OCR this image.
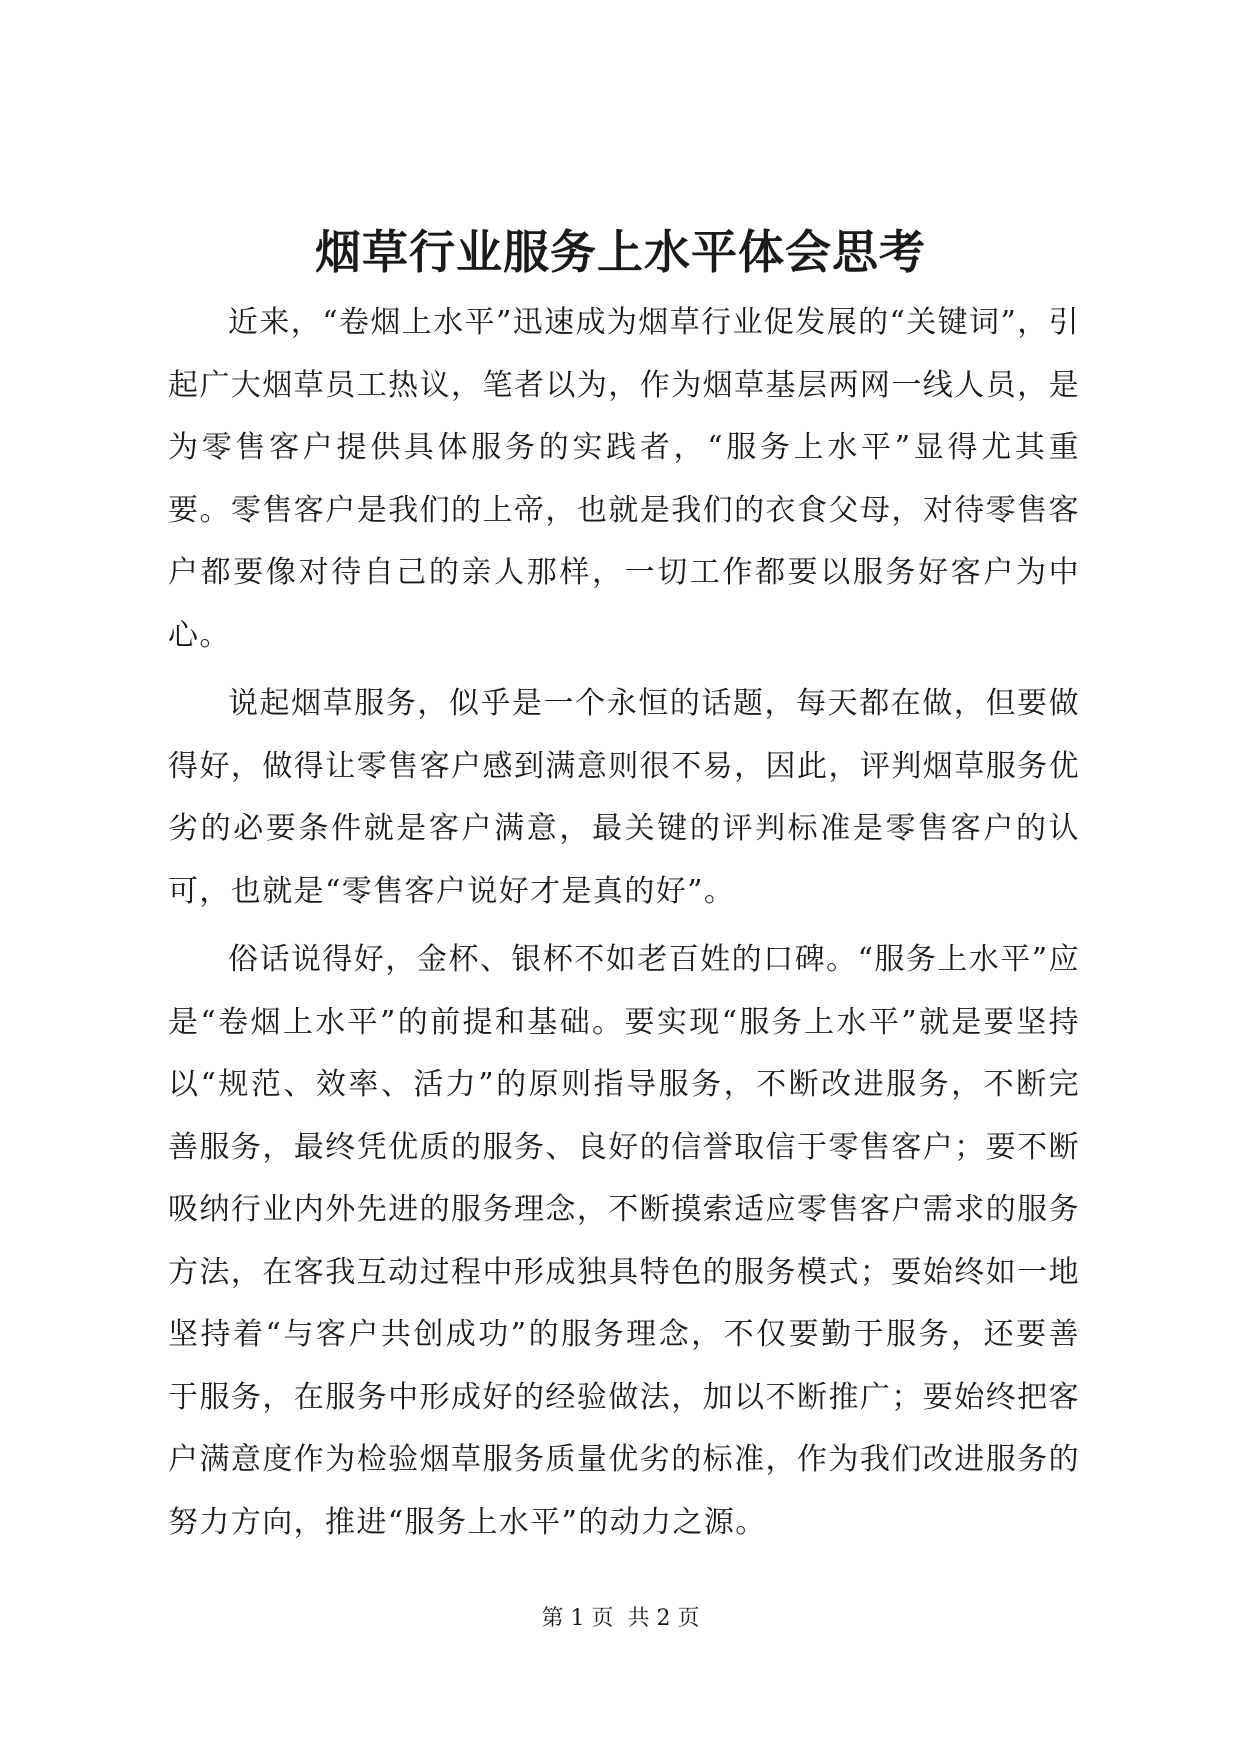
烟草行业服务上水平体会思考

近来，“卷烟上水平”迅速成为烟草行业促发展的“关键词”，引起广大烟草员工热议，笔者以为，作为烟草基层两网一线人员，是为零售客户提供具体服务的实践者，“服务上水平”显得尤其重要。零售客户是我们的上帝，也就是我们的衣食父母，对待零售客户都要像对待自己的亲人那样，一切工作都要以服务好客户为中心。

说起烟草服务，似乎是一个永恒的话题，每天都在做，但要做得好，做得让零售客户感到满意则很不易，因此，评判烟草服务优劣的必要条件就是客户满意，最关键的评判标准是零售客户的认可，也就是“零售客户说好才是真的好”。

俗话说得好，金杯、银杯不如老百姓的口碑。“服务上水平”应是“卷烟上水平”的前提和基础。要实现“服务上水平”就是要坚持以“规范、效率、活力”的原则指导服务，不断改进服务，不断完善服务，最终凭优质的服务、良好的信誉取信于零售客户；要不断吸纳行业内外先进的服务理念，不断摸索适应零售客户需求的服务方法，在客我互动过程中形成独具特色的服务模式；要始终如一地坚持着“与客户共创成功”的服务理念，不仅要勤于服务，还要善于服务，在服务中形成好的经验做法，加以不断推广；要始终把客户满意度作为检验烟草服务质量优劣的标准，作为我们改进服务的努力方向，推进“服务上水平”的动力之源。

第 1 页  共 2 页
